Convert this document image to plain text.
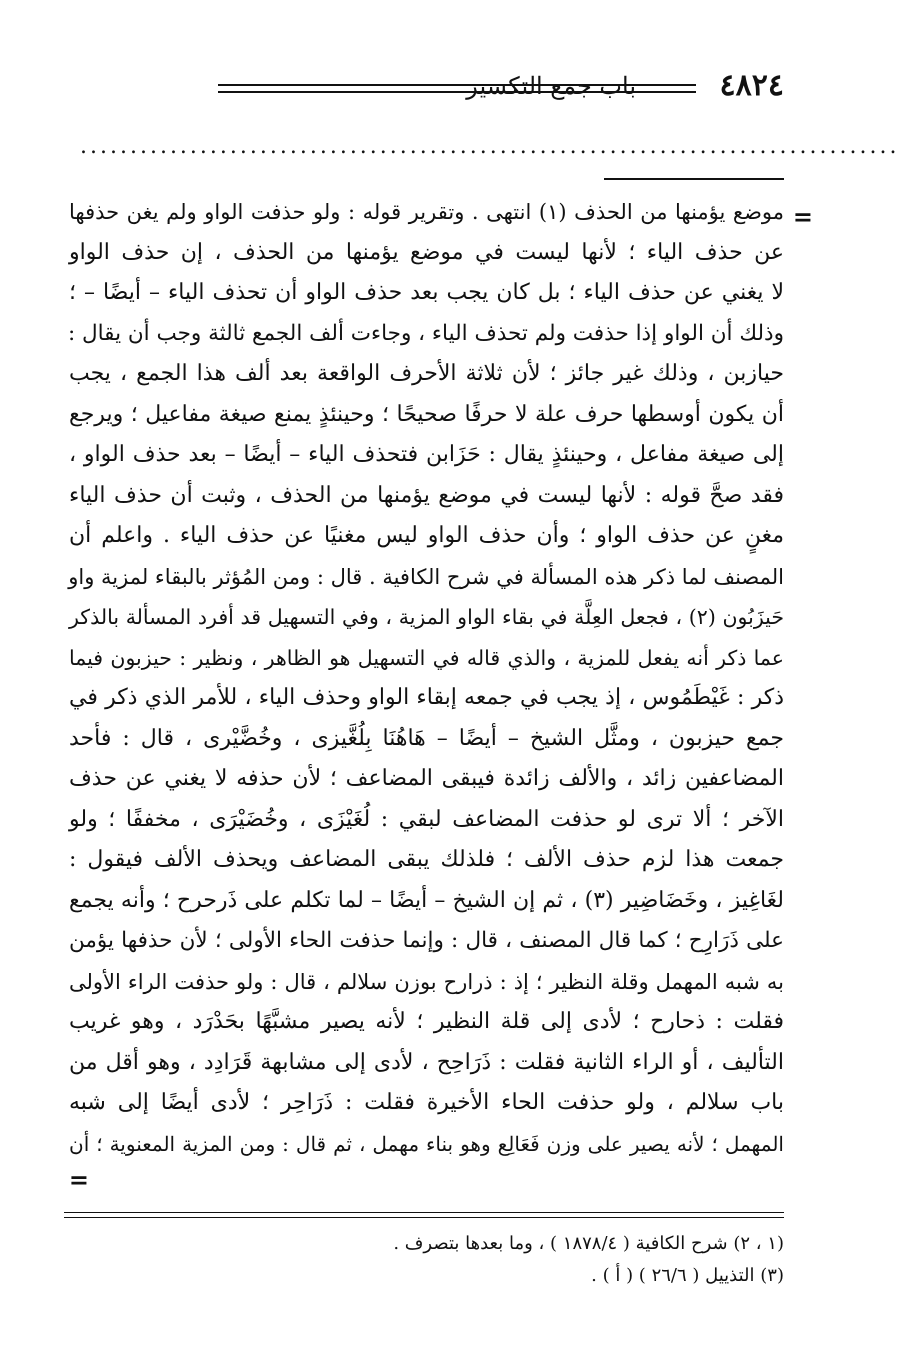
٤٨٢٤
باب جمع التكسير
..................................................................................
=
موضع يؤمنها من الحذف (١) انتهى . وتقرير قوله : ولو حذفت الواو ولم يغن حذفها
عن حذف الياء ؛ لأنها ليست في موضع يؤمنها من الحذف ، إن حذف الواو
لا يغني عن حذف الياء ؛ بل كان يجب بعد حذف الواو أن تحذف الياء – أيضًا – ؛
وذلك أن الواو إذا حذفت ولم تحذف الياء ، وجاءت ألف الجمع ثالثة وجب أن يقال :
حيازبن ، وذلك غير جائز ؛ لأن ثلاثة الأحرف الواقعة بعد ألف هذا الجمع ، يجب
أن يكون أوسطها حرف علة لا حرفًا صحيحًا ؛ وحينئذٍ يمنع صيغة مفاعيل ؛ ويرجع
إلى صيغة مفاعل ، وحينئذٍ يقال : حَزَابن فتحذف الياء – أيضًا – بعد حذف الواو ،
فقد صحَّ قوله : لأنها ليست في موضع يؤمنها من الحذف ، وثبت أن حذف الياء
مغنٍ عن حذف الواو ؛ وأن حذف الواو ليس مغنيًا عن حذف الياء . واعلم أن
المصنف لما ذكر هذه المسألة في شرح الكافية . قال : ومن المُؤثر بالبقاء لمزية واو
حَيزَبُون (٢) ، فجعل العِلَّة في بقاء الواو المزية ، وفي التسهيل قد أفرد المسألة بالذكر
عما ذكر أنه يفعل للمزية ، والذي قاله في التسهيل هو الظاهر ، ونظير : حيزبون فيما
ذكر : غَيْطَمُوس ، إذ يجب في جمعه إبقاء الواو وحذف الياء ، للأمر الذي ذكر في
جمع حيزبون ، ومثَّل الشيخ – أيضًا – هَاهُنَا بِلُغَّيزى ، وخُضَّيْرى ، قال : فأحد
المضاعفين زائد ، والألف زائدة فيبقى المضاعف ؛ لأن حذفه لا يغني عن حذف
الآخر ؛ ألا ترى لو حذفت المضاعف لبقي : لُغَيْزَى ، وخُضَيْرَى ، مخففًا ؛ ولو
جمعت هذا لزم حذف الألف ؛ فلذلك يبقى المضاعف ويحذف الألف فيقول :
لغَاغِيز ، وخَضَاضِير (٣) ، ثم إن الشيخ – أيضًا – لما تكلم على ذَرحرح ؛ وأنه يجمع
على ذَرَارِح ؛ كما قال المصنف ، قال : وإنما حذفت الحاء الأولى ؛ لأن حذفها يؤمن
به شبه المهمل وقلة النظير ؛ إذ : ذرارح بوزن سلالم ، قال : ولو حذفت الراء الأولى
فقلت : ذحارح ؛ لأدى إلى قلة النظير ؛ لأنه يصير مشبَّهًا بحَدْرَد ، وهو غريب
التأليف ، أو الراء الثانية فقلت : ذَرَاحِح ، لأدى إلى مشابهة قَرَادِد ، وهو أقل من
باب سلالم ، ولو حذفت الحاء الأخيرة فقلت : ذَرَاحِر ؛ لأدى أيضًا إلى شبه
المهمل ؛ لأنه يصير على وزن فَعَالِع وهو بناء مهمل ، ثم قال : ومن المزية المعنوية ؛ أن
=
(١ ، ٢) شرح الكافية ( ١٨٧٨/٤ ) ، وما بعدها بتصرف .
(٣) التذييل ( ٢٦/٦ ) ( أ ) .
